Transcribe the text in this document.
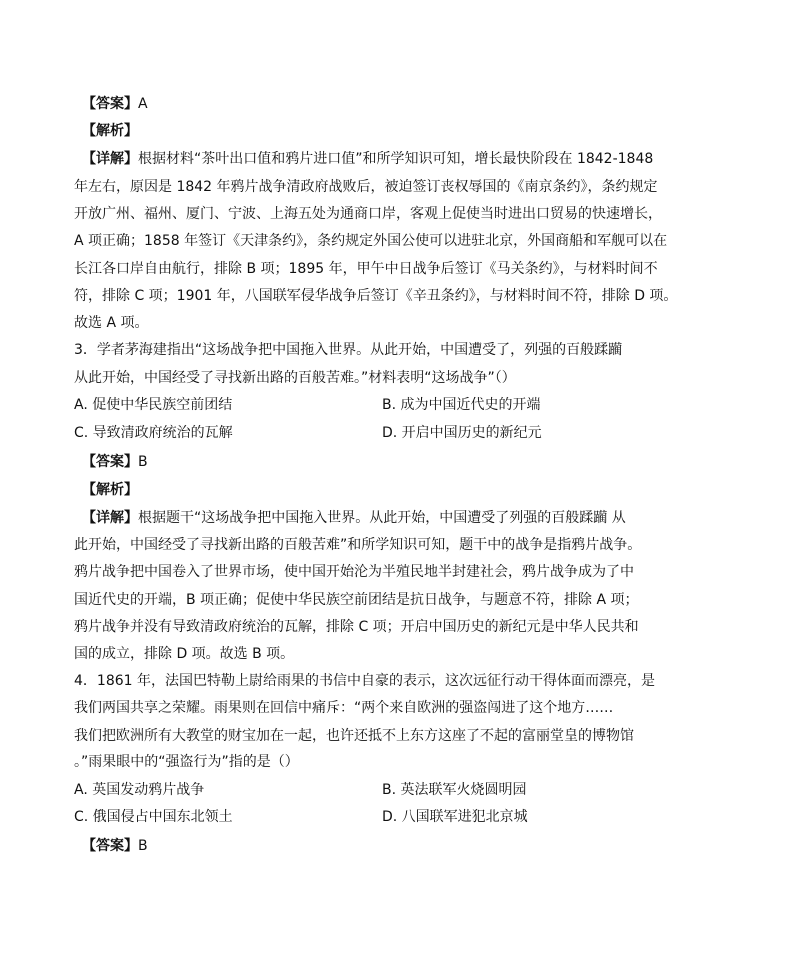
【答案】A
【解析】
【详解】根据材料“茶叶出口值和鸦片进口值”和所学知识可知，增长最快阶段在 1842-1848
年左右，原因是 1842 年鸦片战争清政府战败后，被迫签订丧权辱国的《南京条约》，条约规定
开放广州、福州、厦门、宁波、上海五处为通商口岸，客观上促使当时进出口贸易的快速增长，
A 项正确；1858 年签订《天津条约》，条约规定外国公使可以进驻北京，外国商船和军舰可以在
长江各口岸自由航行，排除 B 项；1895 年，甲午中日战争后签订《马关条约》，与材料时间不
符，排除 C 项；1901 年，八国联军侵华战争后签订《辛丑条约》，与材料时间不符，排除 D 项。
故选 A 项。
3．学者茅海建指出“这场战争把中国拖入世界。从此开始，中国遭受了，列强的百般蹂躏
从此开始，中国经受了寻找新出路的百般苦难。”材料表明“这场战争”（）
A. 促使中华民族空前团结	B. 成为中国近代史的开端
C. 导致清政府统治的瓦解	D. 开启中国历史的新纪元
【答案】B
【解析】
【详解】根据题干“这场战争把中国拖入世界。从此开始，中国遭受了列强的百般蹂躏 从
此开始，中国经受了寻找新出路的百般苦难”和所学知识可知，题干中的战争是指鸦片战争。
鸦片战争把中国卷入了世界市场，使中国开始沦为半殖民地半封建社会，鸦片战争成为了中
国近代史的开端，B 项正确；促使中华民族空前团结是抗日战争，与题意不符，排除 A 项；
鸦片战争并没有导致清政府统治的瓦解，排除 C 项；开启中国历史的新纪元是中华人民共和
国的成立，排除 D 项。故选 B 项。
4．1861 年，法国巴特勒上尉给雨果的书信中自豪的表示，这次远征行动干得体面而漂亮，是
我们两国共享之荣耀。雨果则在回信中痛斥：“两个来自欧洲的强盗闯进了这个地方……
我们把欧洲所有大教堂的财宝加在一起，也许还抵不上东方这座了不起的富丽堂皇的博物馆
。”雨果眼中的“强盗行为”指的是（）
A. 英国发动鸦片战争	B. 英法联军火烧圆明园
C. 俄国侵占中国东北领土	D. 八国联军进犯北京城
【答案】B
